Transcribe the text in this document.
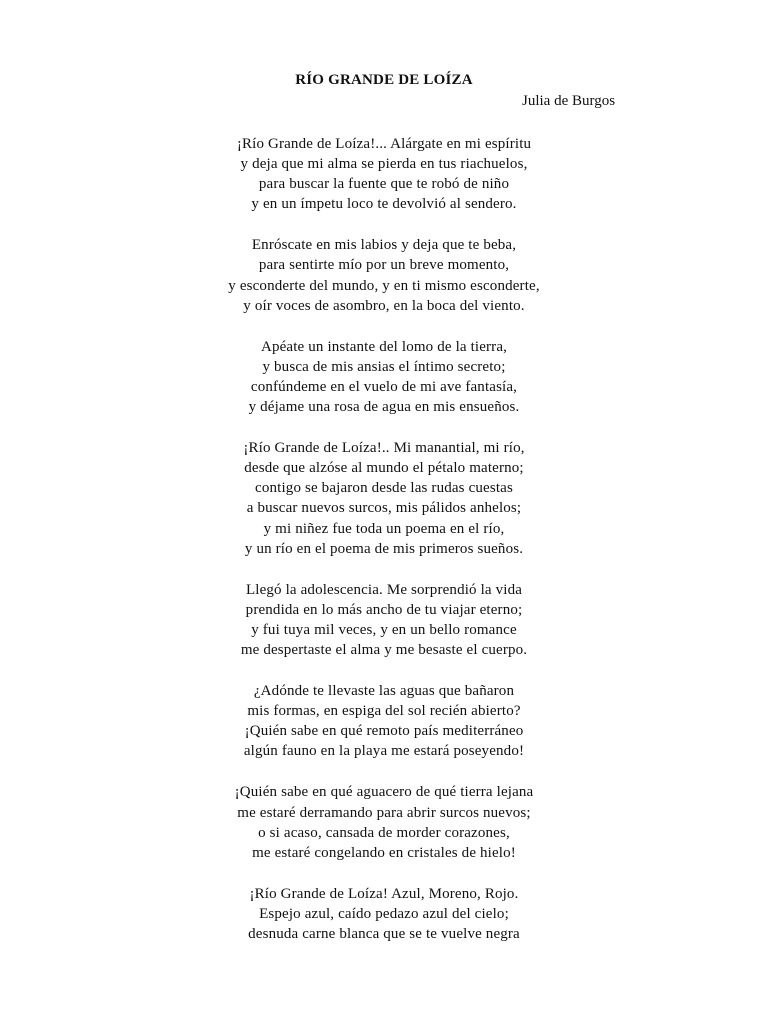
RÍO GRANDE DE LOÍZA
Julia de Burgos
¡Río Grande de Loíza!... Alárgate en mi espíritu
y deja que mi alma se pierda en tus riachuelos,
para buscar la fuente que te robó de niño
y en un ímpetu loco te devolvió al sendero.
Enróscate en mis labios y deja que te beba,
para sentirte mío por un breve momento,
y esconderte del mundo, y en ti mismo esconderte,
y oír voces de asombro, en la boca del viento.
Apéate un instante del lomo de la tierra,
y busca de mis ansias el íntimo secreto;
confúndeme en el vuelo de mi ave fantasía,
y déjame una rosa de agua en mis ensueños.
¡Río Grande de Loíza!.. Mi manantial, mi río,
desde que alzóse al mundo el pétalo materno;
contigo se bajaron desde las rudas cuestas
a buscar nuevos surcos, mis pálidos anhelos;
y mi niñez fue toda un poema en el río,
y un río en el poema de mis primeros sueños.
Llegó la adolescencia. Me sorprendió la vida
prendida en lo más ancho de tu viajar eterno;
y fui tuya mil veces, y en un bello romance
me despertaste el alma y me besaste el cuerpo.
¿Adónde te llevaste las aguas que bañaron
mis formas, en espiga del sol recién abierto?
¡Quién sabe en qué remoto país mediterráneo
algún fauno en la playa me estará poseyendo!
¡Quién sabe en qué aguacero de qué tierra lejana
me estaré derramando para abrir surcos nuevos;
o si acaso, cansada de morder corazones,
me estaré congelando en cristales de hielo!
¡Río Grande de Loíza! Azul, Moreno, Rojo.
Espejo azul, caído pedazo azul del cielo;
desnuda carne blanca que se te vuelve negra
